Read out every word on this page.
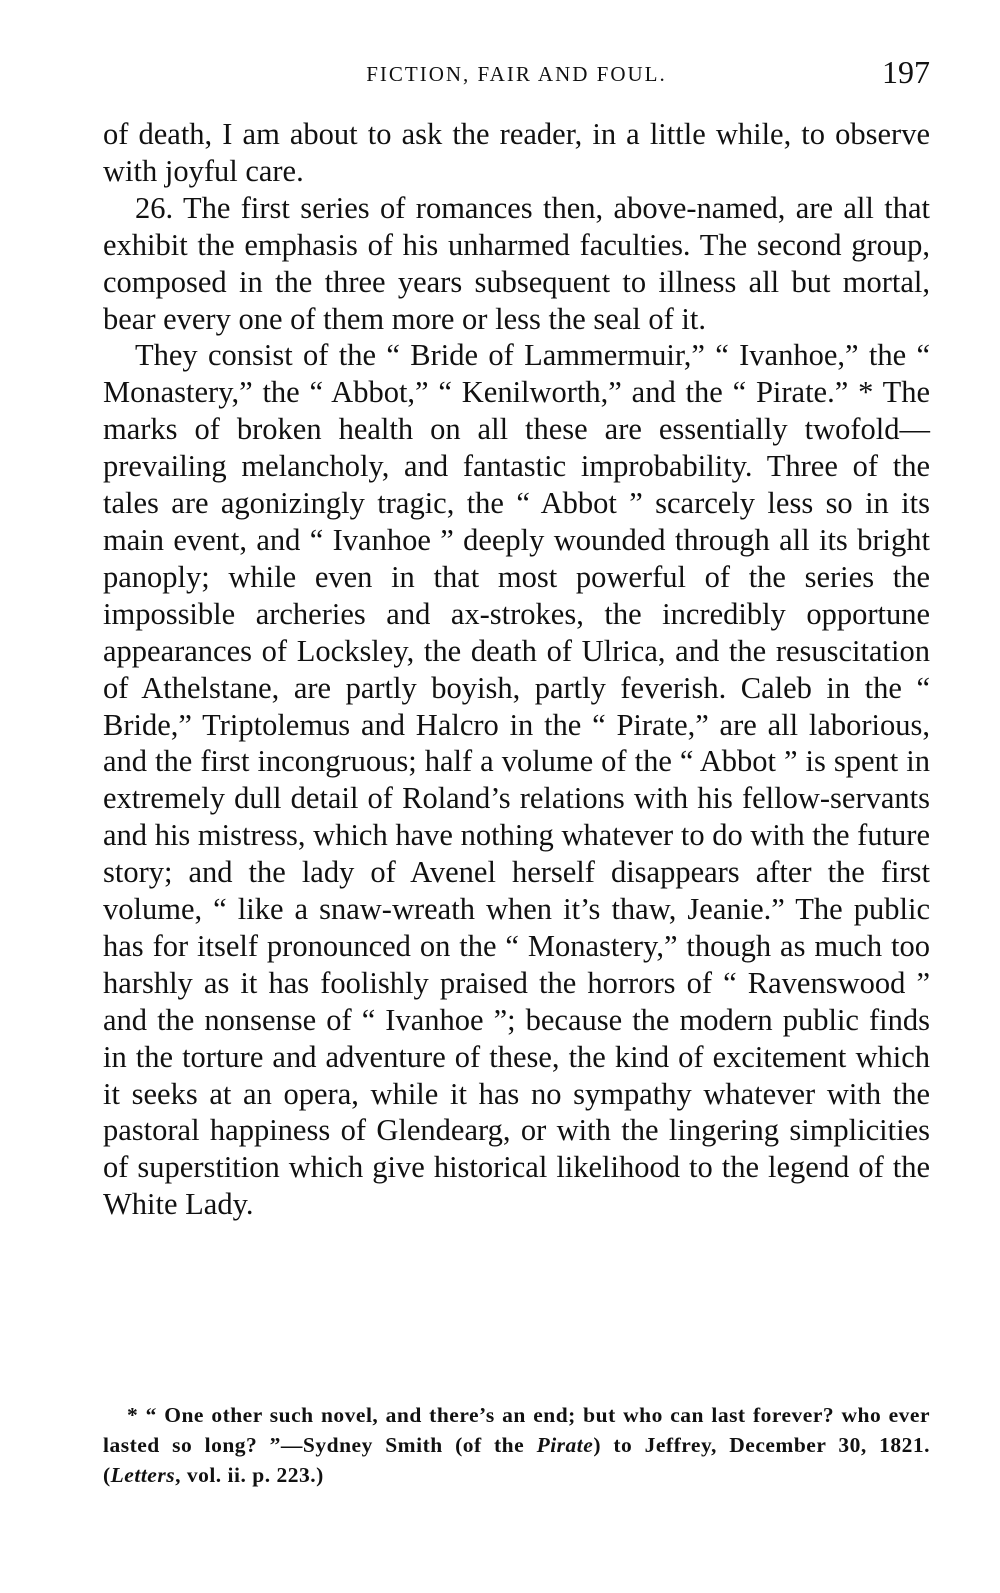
FICTION, FAIR AND FOUL.	197

of death, I am about to ask the reader, in a little while, to observe with joyful care.

26. The first series of romances then, above-named, are all that exhibit the emphasis of his unharmed faculties. The second group, composed in the three years subsequent to illness all but mortal, bear every one of them more or less the seal of it.

They consist of the “ Bride of Lammermuir,” “ Ivanhoe,” the “ Monastery,” the “ Abbot,” “ Kenilworth,” and the “ Pirate.” * The marks of broken health on all these are essentially twofold—prevailing melancholy, and fantastic improbability. Three of the tales are agonizingly tragic, the “ Abbot ” scarcely less so in its main event, and “ Ivanhoe ” deeply wounded through all its bright panoply; while even in that most powerful of the series the impossible archeries and ax-strokes, the incredibly opportune appearances of Locksley, the death of Ulrica, and the resuscitation of Athelstane, are partly boyish, partly feverish. Caleb in the “ Bride,” Triptolemus and Halcro in the “ Pirate,” are all laborious, and the first incongruous; half a volume of the “ Abbot ” is spent in extremely dull detail of Roland’s relations with his fellow-servants and his mistress, which have nothing whatever to do with the future story; and the lady of Avenel herself disappears after the first volume, “ like a snaw-wreath when it’s thaw, Jeanie.” The public has for itself pronounced on the “ Monastery,” though as much too harshly as it has foolishly praised the horrors of “ Ravenswood ” and the nonsense of “ Ivanhoe ”; because the modern public finds in the torture and adventure of these, the kind of excitement which it seeks at an opera, while it has no sympathy whatever with the pastoral happiness of Glendearg, or with the lingering simplicities of superstition which give historical likelihood to the legend of the White Lady.

* “ One other such novel, and there’s an end; but who can last forever? who ever lasted so long? ”—Sydney Smith (of the Pirate) to Jeffrey, December 30, 1821. (Letters, vol. ii. p. 223.)
